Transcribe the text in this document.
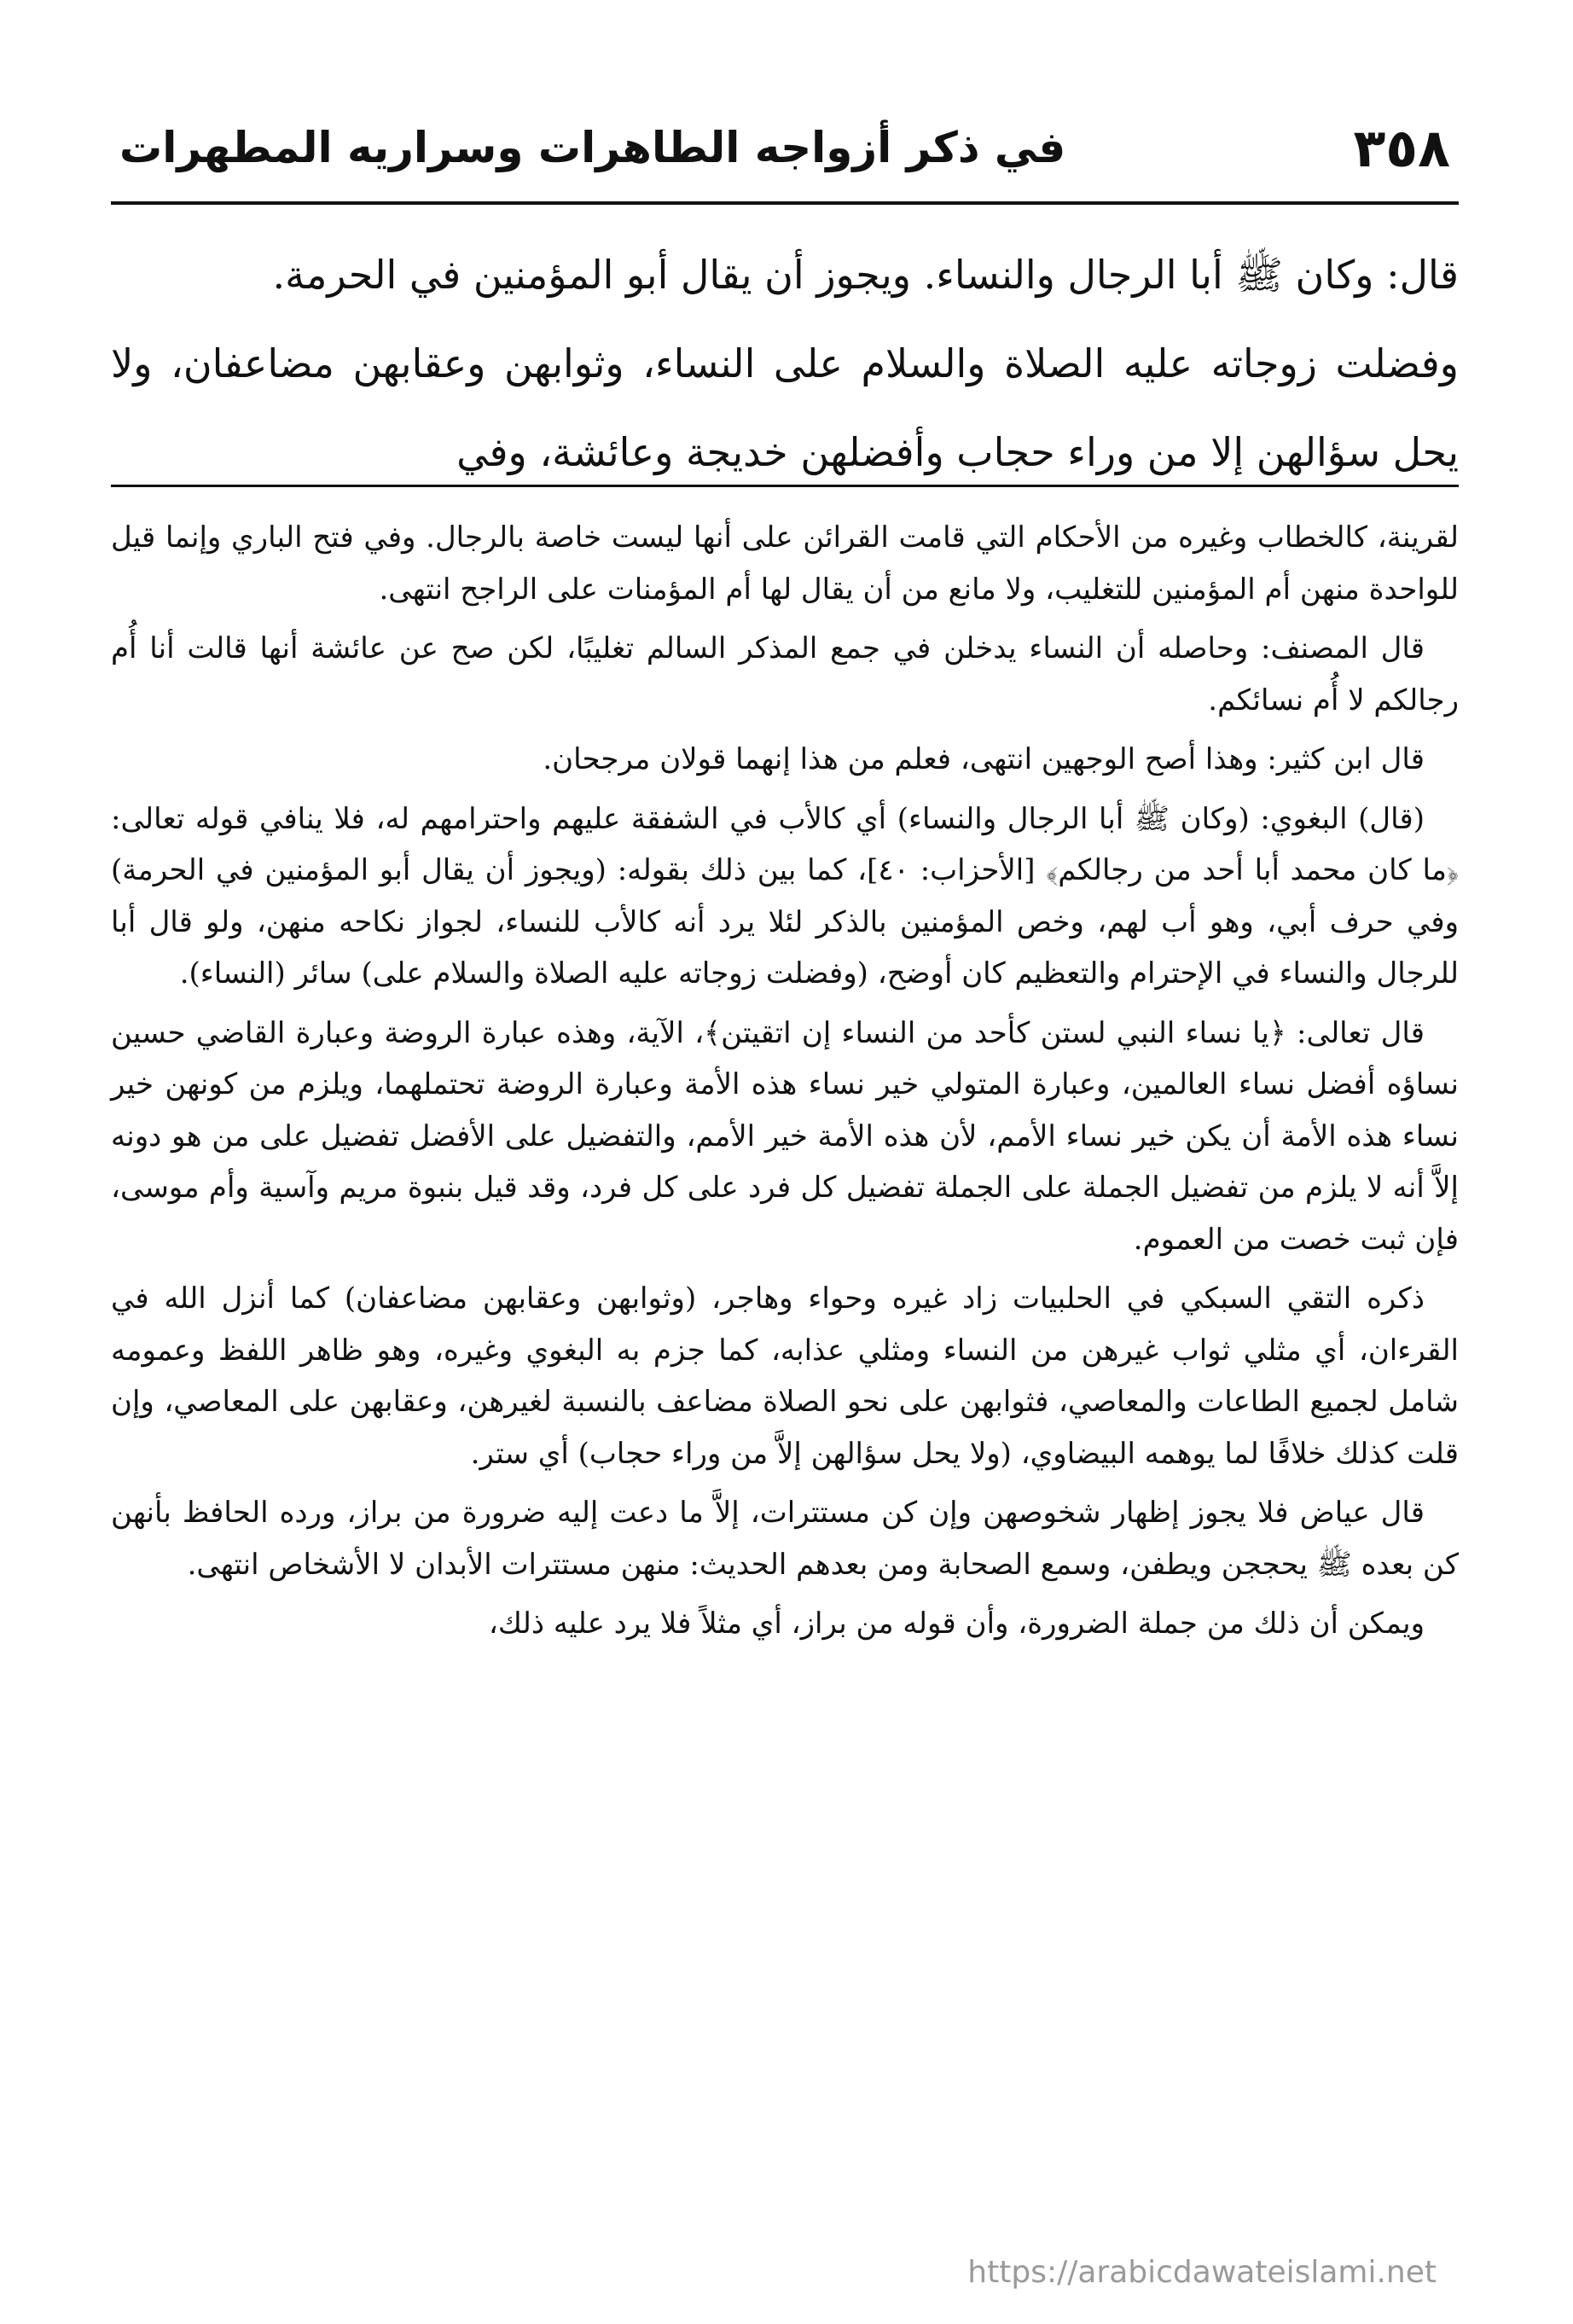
٣٥٨
في ذكر أزواجه الطاهرات وسراريه المطهرات

قال: وكان ﷺ أبا الرجال والنساء. ويجوز أن يقال أبو المؤمنين في الحرمة.

وفضلت زوجاته عليه الصلاة والسلام على النساء، وثوابهن وعقابهن مضاعفان، ولا يحل سؤالهن إلا من وراء حجاب وأفضلهن خديجة وعائشة، وفي

لقرينة، كالخطاب وغيره من الأحكام التي قامت القرائن على أنها ليست خاصة بالرجال. وفي فتح الباري وإنما قيل للواحدة منهن أم المؤمنين للتغليب، ولا مانع من أن يقال لها أم المؤمنات على الراجح انتهى.

قال المصنف: وحاصله أن النساء يدخلن في جمع المذكر السالم تغليبًا، لكن صح عن عائشة أنها قالت أنا أُم رجالكم لا أُم نسائكم.

قال ابن كثير: وهذا أصح الوجهين انتهى، فعلم من هذا إنهما قولان مرجحان.

(قال) البغوي: (وكان ﷺ أبا الرجال والنساء) أي كالأب في الشفقة عليهم واحترامهم له، فلا ينافي قوله تعالى: ﴿ما كان محمد أبا أحد من رجالكم﴾ [الأحزاب: ٤٠]، كما بين ذلك بقوله: (ويجوز أن يقال أبو المؤمنين في الحرمة) وفي حرف أبي، وهو أب لهم، وخص المؤمنين بالذكر لئلا يرد أنه كالأب للنساء، لجواز نكاحه منهن، ولو قال أبا للرجال والنساء في الإحترام والتعظيم كان أوضح، (وفضلت زوجاته عليه الصلاة والسلام على) سائر (النساء).

قال تعالى: ﴿يا نساء النبي لستن كأحد من النساء إن اتقيتن﴾، الآية، وهذه عبارة الروضة وعبارة القاضي حسين نساؤه أفضل نساء العالمين، وعبارة المتولي خير نساء هذه الأمة وعبارة الروضة تحتملهما، ويلزم من كونهن خير نساء هذه الأمة أن يكن خير نساء الأمم، لأن هذه الأمة خير الأمم، والتفضيل على الأفضل تفضيل على من هو دونه إلاَّ أنه لا يلزم من تفضيل الجملة على الجملة تفضيل كل فرد على كل فرد، وقد قيل بنبوة مريم وآسية وأم موسى، فإن ثبت خصت من العموم.

ذكره التقي السبكي في الحلبيات زاد غيره وحواء وهاجر، (وثوابهن وعقابهن مضاعفان) كما أنزل الله في القرءان، أي مثلي ثواب غيرهن من النساء ومثلي عذابه، كما جزم به البغوي وغيره، وهو ظاهر اللفظ وعمومه شامل لجميع الطاعات والمعاصي، فثوابهن على نحو الصلاة مضاعف بالنسبة لغيرهن، وعقابهن على المعاصي، وإن قلت كذلك خلافًا لما يوهمه البيضاوي، (ولا يحل سؤالهن إلاَّ من وراء حجاب) أي ستر.

قال عياض فلا يجوز إظهار شخوصهن وإن كن مستترات، إلاَّ ما دعت إليه ضرورة من براز، ورده الحافظ بأنهن كن بعده ﷺ يحججن ويطفن، وسمع الصحابة ومن بعدهم الحديث: منهن مستترات الأبدان لا الأشخاص انتهى.

ويمكن أن ذلك من جملة الضرورة، وأن قوله من براز، أي مثلاً فلا يرد عليه ذلك،

https://arabicdawateislami.net
